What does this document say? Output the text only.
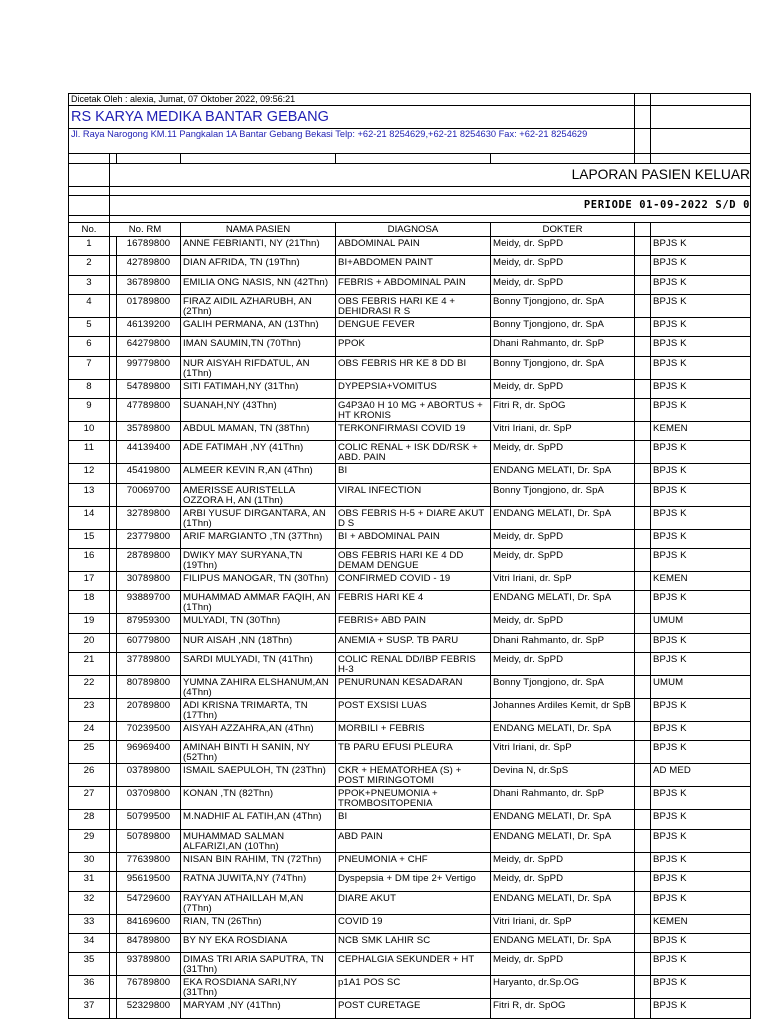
Dicetak Oleh : alexia, Jumat, 07 Oktober 2022, 09:56:21							
RS KARYA MEDIKA BANTAR GEBANG							
Jl. Raya Narogong KM.11 Pangkalan 1A Bantar Gebang Bekasi Telp: +62-21 8254629,+62-21 8254630 Fax: +62-21 8254629							

	LAPORAN PASIEN KELUAR						

	PERIODE 01-09-2022 S/D 0						

No.	No. RM		NAMA PASIEN	DIAGNOSA	DOKTER		
1		16789800	ANNE FEBRIANTI, NY (21Thn)	ABDOMINAL PAIN	Meidy, dr. SpPD		BPJS K
2		42789800	DIAN AFRIDA, TN (19Thn)	BI+ABDOMEN PAINT	Meidy, dr. SpPD		BPJS K
3		36789800	EMILIA ONG NASIS, NN (42Thn)	FEBRIS + ABDOMINAL PAIN	Meidy, dr. SpPD		BPJS K
4		01789800	FIRAZ AIDIL AZHARUBH, AN (2Thn)	OBS FEBRIS HARI KE 4 + DEHIDRASI R S	Bonny Tjongjono, dr. SpA		BPJS K
5		46139200	GALIH PERMANA, AN (13Thn)	DENGUE FEVER	Bonny Tjongjono, dr. SpA		BPJS K
6		64279800	IMAN SAUMIN,TN (70Thn)	PPOK	Dhani Rahmanto, dr. SpP		BPJS K
7		99779800	NUR AISYAH RIFDATUL, AN (1Thn)	OBS FEBRIS HR KE 8 DD BI	Bonny Tjongjono, dr. SpA		BPJS K
8		54789800	SITI FATIMAH,NY (31Thn)	DYPEPSIA+VOMITUS	Meidy, dr. SpPD		BPJS K
9		47789800	SUANAH,NY (43Thn)	G4P3A0 H 10 MG + ABORTUS + HT KRONIS	Fitri R, dr. SpOG		BPJS K
10		35789800	ABDUL MAMAN, TN (38Thn)	TERKONFIRMASI COVID 19	Vitri Iriani, dr. SpP		KEMEN
11		44139400	ADE FATIMAH ,NY (41Thn)	COLIC RENAL + ISK DD/RSK + ABD. PAIN	Meidy, dr. SpPD		BPJS K
12		45419800	ALMEER KEVIN R,AN (4Thn)	BI	ENDANG MELATI, Dr. SpA		BPJS K
13		70069700	AMERISSE AURISTELLA OZZORA H, AN (1Thn)	VIRAL INFECTION	Bonny Tjongjono, dr. SpA		BPJS K
14		32789800	ARBI YUSUF DIRGANTARA, AN (1Thn)	OBS FEBRIS H-5 + DIARE AKUT D S	ENDANG MELATI, Dr. SpA		BPJS K
15		23779800	ARIF MARGIANTO ,TN (37Thn)	BI + ABDOMINAL PAIN	Meidy, dr. SpPD		BPJS K
16		28789800	DWIKY MAY SURYANA,TN (19Thn)	OBS FEBRIS HARI KE 4 DD DEMAM DENGUE	Meidy, dr. SpPD		BPJS K
17		30789800	FILIPUS MANOGAR, TN (30Thn)	CONFIRMED COVID - 19	Vitri Iriani, dr. SpP		KEMEN
18		93889700	MUHAMMAD AMMAR FAQIH, AN (1Thn)	FEBRIS HARI KE 4	ENDANG MELATI, Dr. SpA		BPJS K
19		87959300	MULYADI, TN (30Thn)	FEBRIS+ ABD PAIN	Meidy, dr. SpPD		UMUM
20		60779800	NUR AISAH ,NN (18Thn)	ANEMIA + SUSP. TB PARU	Dhani Rahmanto, dr. SpP		BPJS K
21		37789800	SARDI MULYADI, TN (41Thn)	COLIC RENAL DD/IBP FEBRIS H-3	Meidy, dr. SpPD		BPJS K
22		80789800	YUMNA ZAHIRA ELSHANUM,AN (4Thn)	PENURUNAN KESADARAN	Bonny Tjongjono, dr. SpA		UMUM
23		20789800	ADI KRISNA TRIMARTA, TN (17Thn)	POST EXSISI LUAS	Johannes Ardiles Kemit, dr SpB		BPJS K
24		70239500	AISYAH AZZAHRA,AN (4Thn)	MORBILI + FEBRIS	ENDANG MELATI, Dr. SpA		BPJS K
25		96969400	AMINAH BINTI H SANIN, NY (52Thn)	TB PARU EFUSI PLEURA	Vitri Iriani, dr. SpP		BPJS K
26		03789800	ISMAIL SAEPULOH, TN (23Thn)	CKR + HEMATORHEA (S) + POST MIRINGOTOMI	Devina N, dr.SpS		AD MED
27		03709800	KONAN ,TN (82Thn)	PPOK+PNEUMONIA + TROMBOSITOPENIA	Dhani Rahmanto, dr. SpP		BPJS K
28		50799500	M.NADHIF AL FATIH,AN (4Thn)	BI	ENDANG MELATI, Dr. SpA		BPJS K
29		50789800	MUHAMMAD SALMAN ALFARIZI,AN (10Thn)	ABD PAIN	ENDANG MELATI, Dr. SpA		BPJS K
30		77639800	NISAN BIN RAHIM, TN (72Thn)	PNEUMONIA + CHF	Meidy, dr. SpPD		BPJS K
31		95619500	RATNA JUWITA,NY (74Thn)	Dyspepsia + DM tipe 2+ Vertigo	Meidy, dr. SpPD		BPJS K
32		54729600	RAYYAN ATHAILLAH M,AN (7Thn)	DIARE AKUT	ENDANG MELATI, Dr. SpA		BPJS K
33		84169600	RIAN, TN (26Thn)	COVID 19	Vitri Iriani, dr. SpP		KEMEN
34		84789800	BY NY EKA ROSDIANA	NCB SMK LAHIR SC	ENDANG MELATI, Dr. SpA		BPJS K
35		93789800	DIMAS TRI ARIA SAPUTRA, TN (31Thn)	CEPHALGIA SEKUNDER + HT	Meidy, dr. SpPD		BPJS K
36		76789800	EKA ROSDIANA SARI,NY (31Thn)	p1A1 POS SC	Haryanto, dr.Sp.OG		BPJS K
37		52329800	MARYAM ,NY (41Thn)	POST CURETAGE	Fitri R, dr. SpOG		BPJS K
